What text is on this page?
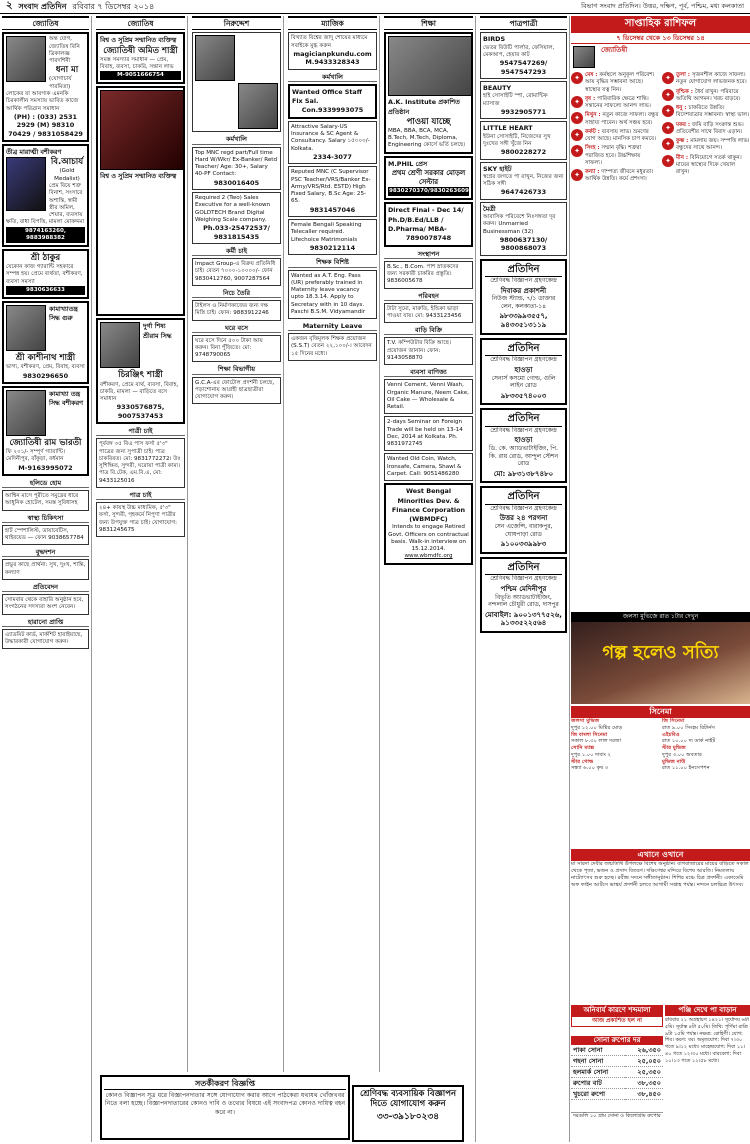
২ সংবাদ প্রতিদিন রবিবার ৭ ডিসেম্বর ২০১৪	বিভাগ সংবাদ প্রতিদিন। উত্তর, দক্ষিণ, পূর্ব, পশ্চিম, মধ্য কলকাতা
জ্যোতিষ
অন্ত যোগ, জ্যোতিষ বিনি ত্রিকালজ্ঞ পারদর্শিনী
ধনা মা
(যোগাচার্য পারমিতা) লোকের যা আবগ্যক এমনকি চিরকালীন সমস্যায় ভাবিত কাজে আর্থিক পরিত্রান সমাধান
(PH) : (033) 2531 2929 (M) 98310 70429 / 9831058429
তীব্র মারাত্মী বশীকরণ
বি.আচার্য
(Gold Medalist)
প্রেম বিয়ে শত্রু বিনাশ, সংসারে অশান্তি, স্বামী স্ত্রীর অমিল, শেয়ার, ব্যবসায় ক্ষতি, বাধা বিপত্তি, মামলা মোকদ্দমা
9874163260, 9883988382
শ্রী ঠাকুর
যেকোন কাজ গ্যারান্টি সহকারে সম্পন্ন হয়। প্রেমে ব্যর্থতা, বশীকরণ, ব্যবসা সমস্যা
9830636633
কামাখ্যাতন্ত্র সিদ্ধ গুরু
শ্রী কাশীনাথ শাস্ত্রী
ভাগ্য, বশীকরণ, প্রেম, বিবাহ, ব্যবসা
9830296650
কামাখ্যা তন্ত্র সিদ্ধ বশীকরণ
জ্যোতিষী রাম ভারতী
ফি ২০১/- সম্পূর্ণ গ্যারান্টি। মেদিনীপুর, বাঁকুড়া, বর্ধমান
M-9163995072
হলিডে হোম
আশ্বিন মাসে পুরীতে সমুদ্রের ধারে আধুনিক হোটেল, সমস্ত সুবিধাসহ
স্বাস্থ্য চিকিৎসা
হার্ট স্পেশালিস্ট, ডায়াবেটিস, থাইরয়েড — ফোন 9038657784
বুদ্ধদশন
প্রভুর কাছে প্রার্থনা: সুখ, দুঃখ, শান্তি, কল্যাণ
প্রতিবেদন
সোমবার থেকে বাহারি অনুষ্ঠান হবে, সংগঠনের সদস্যরা অংশ নেবেন।
হারানো প্রাপ্তি
এ্যাডমিট কার্ড, মার্কশিট হারাইয়াছে, উদ্ধারকারী যোগাযোগ করুন।
জ্যোতিষ
বিশ্ব ও সুপ্রিম সম্মানিত ব্যক্তিত্ব
জ্যোতিষী অমিত শাস্ত্রী
সমস্ত সমস্যার সমাধান — প্রেম, বিবাহ, ব্যবসা, চাকরি, সন্তান লাভ
M-9051666754
বিশ্ব ও সুপ্রিম সম্মানিত ব্যক্তিত্ব
দুর্গা শিষ্য শ্রীরাম সিদ্ধ
চিরঞ্জিৎ শাস্ত্রী
বশীকরণ, প্রেমে ব্যর্থ, ব্যবসা, বিবাহ, চাকরি, মামলা — বাড়িতে বসে সমাধান
9330576875, 9007537453
পাত্রী চাই
পূর্ববঙ্গ ৩৫ বিএ পাস ফর্সা ৫'৩" পাত্রের জন্য সুপাত্রী চাই। পাত্র চাকরিরত। মো: 9831772272। উঃ সুশিক্ষিত, সুন্দরী, ঘরোয়া পাত্রী কাম্য। পাত্র বি.টেক, এম.বি.এ, মো: 9433125016
পাত্র চাই
২৪+ কায়স্থ উচ্চ মাধ্যমিক, ৫'৩" ফর্সা, সুন্দরী, গৃহকর্মে নিপুণা পাত্রীর জন্য উপযুক্ত পাত্র চাই। যোগাযোগ: 9831245675
নিরুদ্দেশ
কর্মখালি
Top MNC regd part/Full time Hard W/Wkr/ Ex-Banker/ Retd Teacher/ Age: 30+, Salary 40-PF Contact:
9830016405
Required 2 (Two) Sales Executive for a well-known GOLDTECH Brand Digital Weighing Scale company.
Ph.033-25472537/ 9831815435
কর্মী চাই
Impact Group-এ বিক্রয় প্রতিনিধি চাই। বেতন ৭০০০-১০০০০/- ফোন 9830412760, 9007287564
নিচে তৈরি
টাইলস ও নির্মাণকাজের জন্য দক্ষ মিস্ত্রি চাই। ফোন: 9883912246
ঘরে বসে
ঘরে বসে দিনে ৫০০ টাকা আয় করুন। বিনা পুঁজিতে। মো: 9748790065
শিক্ষা বিভাগীয়
G.C.A-এর ফোটোল প্রদর্শনী চলছে, পড়াশোনায় আগ্রহী ছাত্রছাত্রীরা যোগাযোগ করুন।
ম্যাজিক
বিখ্যাত বিশ্বের জাদু শোয়ের মাধ্যমে সবাইকে মুগ্ধ করুন
magicianpkundu.com
M.9433328343
কর্মখালি
Wanted Office Staff Fix Sal.
Con.9339993075
Attractive Salary-US Insurance & SC Agent & Consultancy. Salary ১৫০০০/- Kolkata.
2334-3077
Reputed MNC (C Supervisor PSC Teacher/VRS/Banker Ex-Army/VRS/Rtd. ESTD) High Fixed Salary, B.Sc Age: 25-65.
9831457046
Female Bengali Speaking Telecaller required. Lifechoice Matrimonials
9830212114
শিক্ষক বিশিষ্ট
Wanted as A.T. Eng. Pass (UR) preferably trained in Maternity leave vacancy upto 18.3.14. Apply to Secretary with in 10 days. Paschi B.S.M. Vidyamandir
Maternity Leave
একজন বৃত্তিমূলক শিক্ষক প্রয়োজন (S.S.T) বেতন ২২,১০০/-। আবেদন ১৫ দিনের মধ্যে।
শিক্ষা
A.K. Institute প্রকাশিত প্রতিষ্ঠান
পাওয়া যাচ্ছে
MBA, BBA, BCA, MCA, B.Tech, M.Tech, Diploma, Engineering কোর্সে ভর্তি চলছে।
M.PHIL প্রেস
প্রথম শ্রেণী সরকার মোড়ল সেল্টার
9830270370/9830263609
Direct Final - Dec 14/ Ph.D/B.Ed/LLB / D.Pharma/ MBA-
7890078748
সংস্থাপন
B.Sc., B.Com. পাশ স্নাতকদের জন্য সরকারী চাকরির প্রস্তুতি। 9836005678
পরিবহন
টাটা সুমো, মারুতি, ইন্ডিকা ভাড়া পাওয়া যায়। মো: 9433123456
বাড়ি বিক্রি
T.V. কম্পিউটার বিক্রি আছে। প্রয়োজন জানান। ফোন: 9143058870
ব্যবসা বাণিজ্য
Venni Cement, Venni Wash, Organic Manure, Neem Cake, Oil Cake — Wholesale & Retail.
2-days Seminar on Foreign Trade will be held on 13-14 Dec, 2014 at Kolkata. Ph. 9831972745
Wanted Old Coin, Watch, Ironsafe, Camera, Shawl & Carpet. Call: 9051486280
West Bengal Minorities Dev. & Finance Corporation (WBMDFC)
Intends to engage Retired Govt. Officers on contractual basis. Walk-in interview on 15.12.2014.
www.wbmdfc.org
পাত্রপাত্রী
BIRDS
ভেতর বিউটি পার্লার, ফেসিয়াল, মেকআপ, হেয়ার কাট
9547547269/ 9547547293
BEAUTY
হাই সোসাইটি স্পা, রোমান্টিক ম্যাসাজ
9932905771
LITTLE HEART
ইউনা সোসাইটি, নিজেদের সুখ দুঃখের সঙ্গী খুঁজে নিন
9800228272
SKY হাইট
স্বপ্নের জগতে পা রাখুন, নিজের জন্য সঠিক সঙ্গী
9647426733
মৈত্রী
আবাসিক পরিবেশে নিঃসঙ্গতা দূর করুন। Unmarried Businessman (32)
9800637130/ 9800868073
প্রতিদিন
শ্রেণিবদ্ধ বিজ্ঞাপন গ্রহণকেন্দ্র
দিবাকর প্রকাশনী
নিউজ স্ট্যান্ড, ৭/১ ডাক্তার লেন, কলকাতা-১৪
৯৮৩৩৯৯৩৫৫৭, ৯৪৩৩৫১৩১১৯
প্রতিদিন
শ্রেণিবদ্ধ বিজ্ঞাপন গ্রহণকেন্দ্র
হাওড়া
সেনার্স কসমো গোল্ড, গুলি লাইন রোড
৯৮৩৩৫৭৪০০৩
প্রতিদিন
শ্রেণিবদ্ধ বিজ্ঞাপন গ্রহণকেন্দ্র
হাওড়া
ডি. কে. অ্যাডভাটাইজিং, পি. কি. রায় রোড, আন্দুল স্টেশন রোড
মো: ৯৮৩১৩৮৭৪৮০
প্রতিদিন
শ্রেণিবদ্ধ বিজ্ঞাপন গ্রহণকেন্দ্র
উত্তর ২৪ পরগনা
সেন এজেন্সি, বারাকপুর, ঘোষপাড়া রোড
৯১০০৩৩৯৯৮৩
প্রতিদিন
শ্রেণিবদ্ধ বিজ্ঞাপন গ্রহণকেন্দ্র
পশ্চিম মেদিনীপুর
বিভূতি অ্যাডভাটাইজিং, নন্দলাল চৌধুরী রোড, দাসপুর
মোবাইল: ৯০০১৩৭৭৫২৬, ৯১৩৩৫২২৫৬৪
সাপ্তাহিক রাশিফল
৭ ডিসেম্বর থেকে ১৩ ডিসেম্বর ১৪
জ্যোতিষী
✦ মেষ : কর্মস্থলে অনুকূল পরিবেশ। আয় বৃদ্ধির সম্ভাবনা আছে। স্বাস্থ্যের যত্ন নিন।
✦ বৃষ : পারিবারিক ক্ষেত্রে শান্তি। সন্তানের সাফল্যে আনন্দ লাভ।
✦ মিথুন : নতুন কাজে সাফল্য। বন্ধুর সাহায্য পাবেন। অর্থ সঞ্চয় হবে।
✦ কর্কট : ব্যবসায় লাভ। ভ্রমণের যোগ আছে। মানসিক চাপ কমবে।
✦ সিংহ : সম্মান বৃদ্ধি। শত্রুরা পরাজিত হবে। উচ্চশিক্ষায় সাফল্য।
✦ কন্যা : দাম্পত্য জীবনে মধুরতা। আর্থিক উন্নতি। কর্মে প্রশংসা।
✦ তুলা : সৃজনশীল কাজে সাফল্য। নতুন যোগাযোগ লাভজনক হবে।
✦ বৃশ্চিক : ধৈর্য রাখুন। পরিবারে অতিথি আগমন। খরচ বাড়বে।
✦ ধনু : চাকরিতে উন্নতি। বিদেশযাত্রার সম্ভাবনা। স্বাস্থ্য ভাল।
✦ মকর : জমি বাড়ি সংক্রান্ত শুভ। প্রতিবেশীর সাথে বিবাদ এড়ান।
✦ কুম্ভ : মামলায় জয়। সম্পত্তি লাভ। বন্ধুদের সাথে আনন্দ।
✦ মীন : বিনিয়োগে সতর্ক থাকুন। মায়ের স্বাস্থ্যের দিকে খেয়াল রাখুন।
জলসা মুভিজে রাত ১টার দেখুন
গল্প হলেও সত্যি
সিনেমা
জলসা মুভিজ
দুপুর ১২.০০ মিষ্টির মোড়
জি বাংলা সিনেমা
সকাল ৮.৩০ লাল দরজা
সোনি ম্যাক্স
দুপুর ১.০০ দাবাং ২
স্টার গোল্ড
সন্ধ্যা ৬.০০ কৃষ ৩
জি সিনেমা
রাত ৯.০০ সিংহম রিটার্নস
এইচবিও
রাত ১০.০০ দ্য ডার্ক নাইট
স্টার মুভিজ
দুপুর ৩.০০ অবতার
মুভিজ নাউ
রাত ১১.০০ ইনসেপশন
এখানে ওখানে
মা সারদা দেবীর জন্মতিথি উপলক্ষে বিশেষ অনুষ্ঠান। বাগবাজারের মায়ের বাড়িতে সকাল থেকে পূজা, ভজন ও প্রসাদ বিতরণ। দক্ষিণেশ্বর মন্দিরে বিশেষ আরতি। নিমতলায় নাট্যোৎসব শুরু হচ্ছে। রবীন্দ্র সদনে সঙ্গীতানুষ্ঠান। শিশির মঞ্চে চিত্র প্রদর্শনী। একাডেমি অফ ফাইন আর্টসে ভাস্কর্য প্রদর্শনী চলবে আগামী সপ্তাহ পর্যন্ত। নন্দনে চলচ্চিত্র উৎসব।
অনিবার্য কারণে শব্দমালা
আজ প্রকাশিত হল না
সোনা রুপোর দর
পাকা সোনা	২৬,৩৫০
গহনা সোনা	২৫,০৫০
হলমার্ক সোনা	২৫,৩৫০
রুপোর বাট	৩৮,৩৫০
খুচরো রুপো	৩৮,৪৫০
দরগুলি ১০ গ্রাম সোনা ও কিলোগ্রাম রুপোর
পঞ্জি দেখে পা বাড়ান
রবিবার ২১ অগ্রহায়ণ ১৪২১। সূর্যোদয় ৬টা ৫মি। সূর্যাস্ত ৪টা ৫০মি। তিথি: পূর্ণিমা রাত্রি ৯টা ১৫মি পর্যন্ত। নক্ষত্র: রোহিণী। যোগ: শিব। করণ: বব। অমৃতযোগ: দিবা ৭।৩০ গতে ৯।১২ মধ্যে। মাহেন্দ্রযোগ: দিবা ১১।৪০ গতে ১২।৩০ মধ্যে। বারবেলা: দিবা ১০।১৩ গতে ১২।৫৮ মধ্যে।
সতর্কীকরণ বিজ্ঞপ্তি
কোনও বিজ্ঞাপন সূত্র ধরে বিজ্ঞাপনদাতার সঙ্গে যোগাযোগ করার আগে পাঠকেরা যথাযথ খোঁজখবর নিতে বলা হচ্ছে। বিজ্ঞাপনদাতারের কোনও দাবি ও তথ্যের বিষয়ে এই সংবাদপত্র কোনও দায়িত্ব বহন করে না।
শ্রেণিবদ্ধ ব্যবসায়িক বিজ্ঞাপন দিতে যোগাযোগ করুন
৩৩-৩৯১৮০২৩৪
